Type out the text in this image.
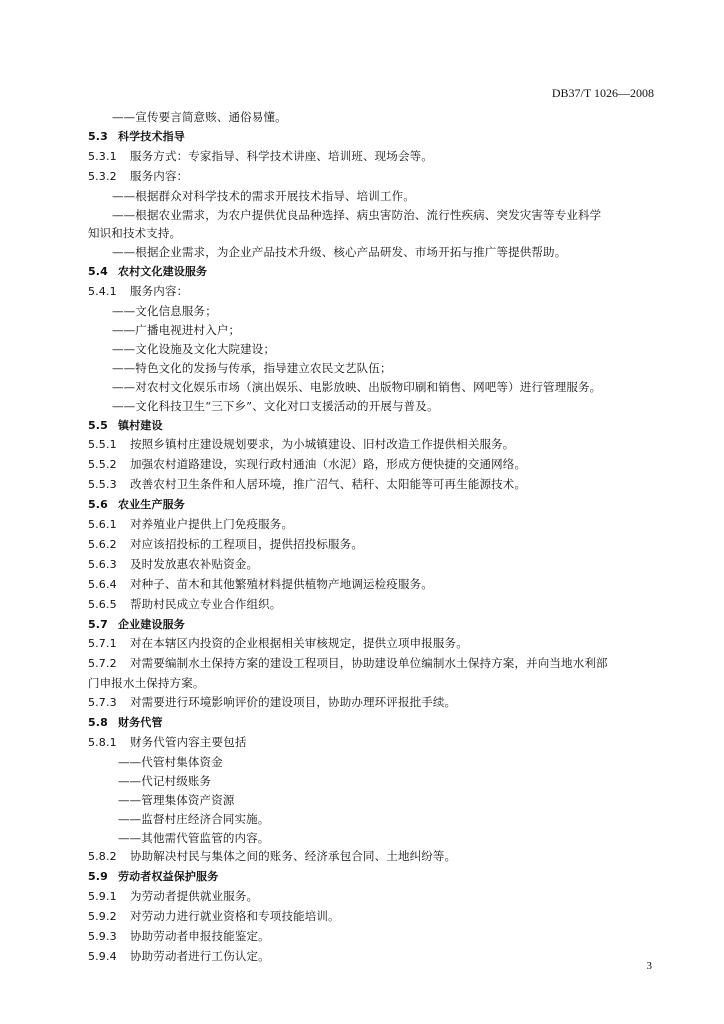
DB37/T 1026—2008
——宣传要言简意赅、通俗易懂。
5.3 科学技术指导
5.3.1 服务方式：专家指导、科学技术讲座、培训班、现场会等。
5.3.2 服务内容：
——根据群众对科学技术的需求开展技术指导、培训工作。
——根据农业需求，为农户提供优良品种选择、病虫害防治、流行性疾病、突发灾害等专业科学
知识和技术支持。
——根据企业需求，为企业产品技术升级、核心产品研发、市场开拓与推广等提供帮助。
5.4 农村文化建设服务
5.4.1 服务内容：
——文化信息服务；
——广播电视进村入户；
——文化设施及文化大院建设；
——特色文化的发扬与传承，指导建立农民文艺队伍；
——对农村文化娱乐市场（演出娱乐、电影放映、出版物印刷和销售、网吧等）进行管理服务。
——文化科技卫生“三下乡”、文化对口支援活动的开展与普及。
5.5 镇村建设
5.5.1 按照乡镇村庄建设规划要求，为小城镇建设、旧村改造工作提供相关服务。
5.5.2 加强农村道路建设，实现行政村通油（水泥）路，形成方便快捷的交通网络。
5.5.3 改善农村卫生条件和人居环境，推广沼气、秸秆、太阳能等可再生能源技术。
5.6 农业生产服务
5.6.1 对养殖业户提供上门免疫服务。
5.6.2 对应该招投标的工程项目，提供招投标服务。
5.6.3 及时发放惠农补贴资金。
5.6.4 对种子、苗木和其他繁殖材料提供植物产地调运检疫服务。
5.6.5 帮助村民成立专业合作组织。
5.7 企业建设服务
5.7.1 对在本辖区内投资的企业根据相关审核规定，提供立项申报服务。
5.7.2 对需要编制水土保持方案的建设工程项目，协助建设单位编制水土保持方案，并向当地水利部
门申报水土保持方案。
5.7.3 对需要进行环境影响评价的建设项目，协助办理环评报批手续。
5.8 财务代管
5.8.1 财务代管内容主要包括
——代管村集体资金
——代记村级账务
——管理集体资产资源
——监督村庄经济合同实施。
——其他需代管监管的内容。
5.8.2 协助解决村民与集体之间的账务、经济承包合同、土地纠纷等。
5.9 劳动者权益保护服务
5.9.1 为劳动者提供就业服务。
5.9.2 对劳动力进行就业资格和专项技能培训。
5.9.3 协助劳动者申报技能鉴定。
5.9.4 协助劳动者进行工伤认定。
3
